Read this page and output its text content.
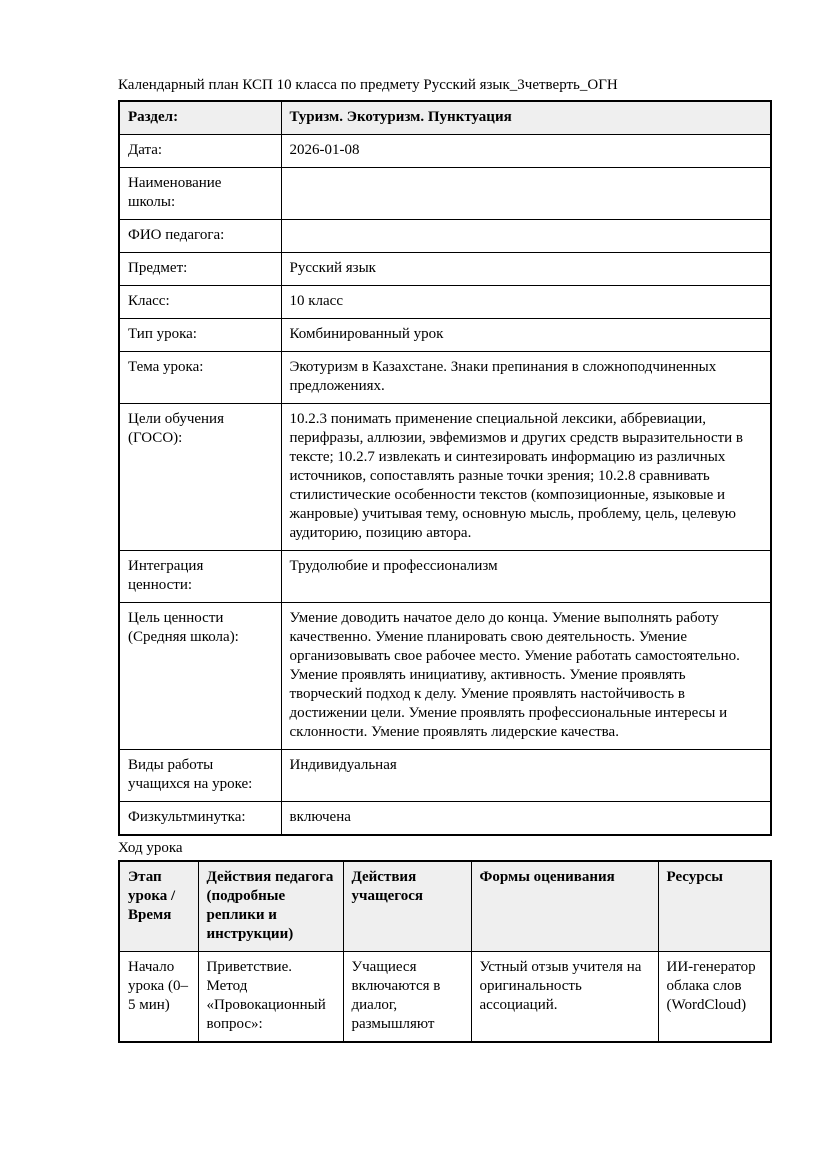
Календарный план КСП 10 класса по предмету Русский язык_3четверть_ОГН

Раздел:	Туризм. Экотуризм. Пунктуация
Дата:	2026-01-08
Наименование школы:	
ФИО педагога:	
Предмет:	Русский язык
Класс:	10 класс
Тип урока:	Комбинированный урок
Тема урока:	Экотуризм в Казахстане. Знаки препинания в сложноподчиненных предложениях.
Цели обучения (ГОСО):	10.2.3 понимать применение специальной лексики, аббревиации, перифразы, аллюзии, эвфемизмов и других средств выразительности в тексте; 10.2.7 извлекать и синтезировать информацию из различных источников, сопоставлять разные точки зрения; 10.2.8 сравнивать стилистические особенности текстов (композиционные, языковые и жанровые) учитывая тему, основную мысль, проблему, цель, целевую аудиторию, позицию автора.
Интеграция ценности:	Трудолюбие и профессионализм
Цель ценности (Средняя школа):	Умение доводить начатое дело до конца. Умение выполнять работу качественно. Умение планировать свою деятельность. Умение организовывать свое рабочее место. Умение работать самостоятельно. Умение проявлять инициативу, активность. Умение проявлять творческий подход к делу. Умение проявлять настойчивость в достижении цели. Умение проявлять профессиональные интересы и склонности. Умение проявлять лидерские качества.
Виды работы учащихся на уроке:	Индивидуальная
Физкультминутка:	включена

Ход урока

Этап урока / Время	Действия педагога (подробные реплики и инструкции)	Действия учащегося	Формы оценивания	Ресурсы
Начало урока (0–5 мин)	Приветствие. Метод «Провокационный вопрос»:	Учащиеся включаются в диалог, размышляют	Устный отзыв учителя на оригинальность ассоциаций.	ИИ-генератор облака слов (WordCloud)
